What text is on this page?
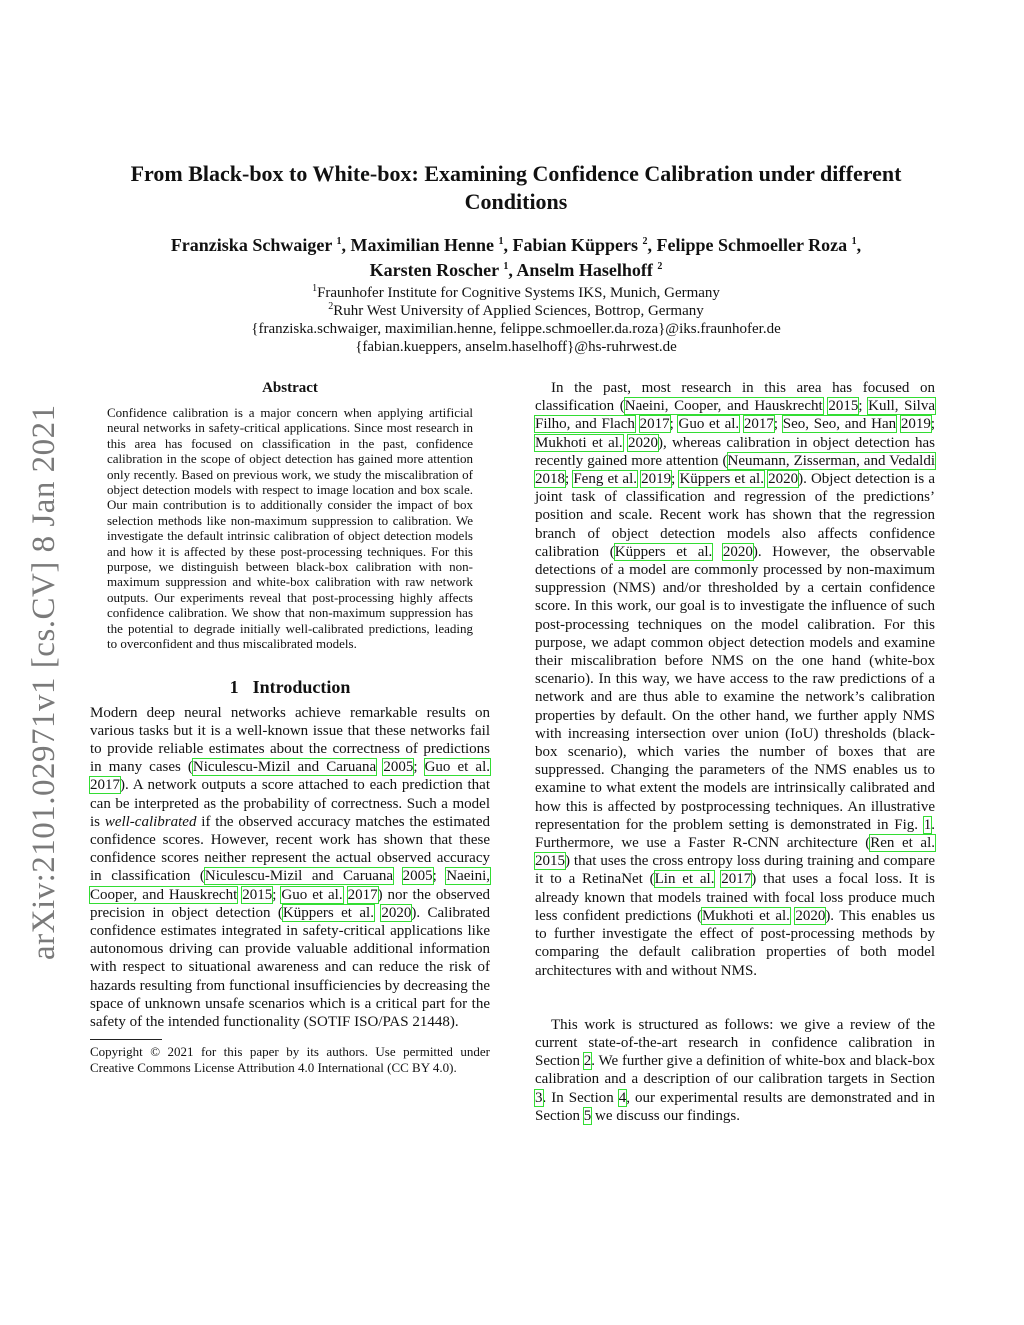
arXiv:2101.02971v1 [cs.CV] 8 Jan 2021
From Black-box to White-box: Examining Confidence Calibration under different Conditions
Franziska Schwaiger $^1$, Maximilian Henne $^1$, Fabian Küppers $^2$, Felippe Schmoeller Roza $^1$,
Karsten Roscher $^1$, Anselm Haselhoff $^2$
$^1$Fraunhofer Institute for Cognitive Systems IKS, Munich, Germany
$^2$Ruhr West University of Applied Sciences, Bottrop, Germany
{franziska.schwaiger, maximilian.henne, felippe.schmoeller.da.roza}@iks.fraunhofer.de
{fabian.kueppers, anselm.haselhoff}@hs-ruhrwest.de
Abstract
Confidence calibration is a major concern when applying artificial neural networks in safety-critical applications. Since most research in this area has focused on classification in the past, confidence calibration in the scope of object detection has gained more attention only recently. Based on previous work, we study the miscalibration of object detection models with respect to image location and box scale. Our main contribution is to additionally consider the impact of box selection methods like non-maximum suppression to calibration. We investigate the default intrinsic calibration of object detection models and how it is affected by these post-processing techniques. For this purpose, we distinguish between black-box calibration with non-maximum suppression and white-box calibration with raw network outputs. Our experiments reveal that post-processing highly affects confidence calibration. We show that non-maximum suppression has the potential to degrade initially well-calibrated predictions, leading to overconfident and thus miscalibrated models.
1 Introduction

Modern deep neural networks achieve remarkable results on various tasks but it is a well-known issue that these networks fail to provide reliable estimates about the correctness of predictions in many cases (Niculescu-Mizil and Caruana 2005; Guo et al. 2017). A network outputs a score attached to each prediction that can be interpreted as the probability of correctness. Such a model is well-calibrated if the observed accuracy matches the estimated confidence scores. However, recent work has shown that these confidence scores neither represent the actual observed accuracy in classification (Niculescu-Mizil and Caruana 2005; Naeini, Cooper, and Hauskrecht 2015; Guo et al. 2017) nor the observed precision in object detection (Küppers et al. 2020). Calibrated confidence estimates integrated in safety-critical applications like autonomous driving can provide valuable additional information with respect to situational awareness and can reduce the risk of hazards resulting from functional insufficiencies by decreasing the space of unknown unsafe scenarios which is a critical part for the safety of the intended functionality (SOTIF ISO/PAS 21448).

Copyright © 2021 for this paper by its authors. Use permitted under Creative Commons License Attribution 4.0 International (CC BY 4.0).

In the past, most research in this area has focused on classification (Naeini, Cooper, and Hauskrecht 2015; Kull, Silva Filho, and Flach 2017; Guo et al. 2017; Seo, Seo, and Han 2019; Mukhoti et al. 2020), whereas calibration in object detection has recently gained more attention (Neumann, Zisserman, and Vedaldi 2018; Feng et al. 2019; Küppers et al. 2020). Object detection is a joint task of classification and regression of the predictions’ position and scale. Recent work has shown that the regression branch of object detection models also affects confidence calibration (Küppers et al. 2020). However, the observable detections of a model are commonly processed by non-maximum suppression (NMS) and/or thresholded by a certain confidence score. In this work, our goal is to investigate the influence of such post-processing techniques on the model calibration. For this purpose, we adapt common object detection models and examine their miscalibration before NMS on the one hand (white-box scenario). In this way, we have access to the raw predictions of a network and are thus able to examine the network’s calibration properties by default. On the other hand, we further apply NMS with increasing intersection over union (IoU) thresholds (black-box scenario), which varies the number of boxes that are suppressed. Changing the parameters of the NMS enables us to examine to what extent the models are intrinsically calibrated and how this is affected by postprocessing techniques. An illustrative representation for the problem setting is demonstrated in Fig. 1. Furthermore, we use a Faster R-CNN architecture (Ren et al. 2015) that uses the cross entropy loss during training and compare it to a RetinaNet (Lin et al. 2017) that uses a focal loss. It is already known that models trained with focal loss produce much less confident predictions (Mukhoti et al. 2020). This enables us to further investigate the effect of post-processing methods by comparing the default calibration properties of both model architectures with and without NMS.

This work is structured as follows: we give a review of the current state-of-the-art research in confidence calibration in Section 2. We further give a definition of white-box and black-box calibration and a description of our calibration targets in Section 3. In Section 4, our experimental results are demonstrated and in Section 5 we discuss our findings.
